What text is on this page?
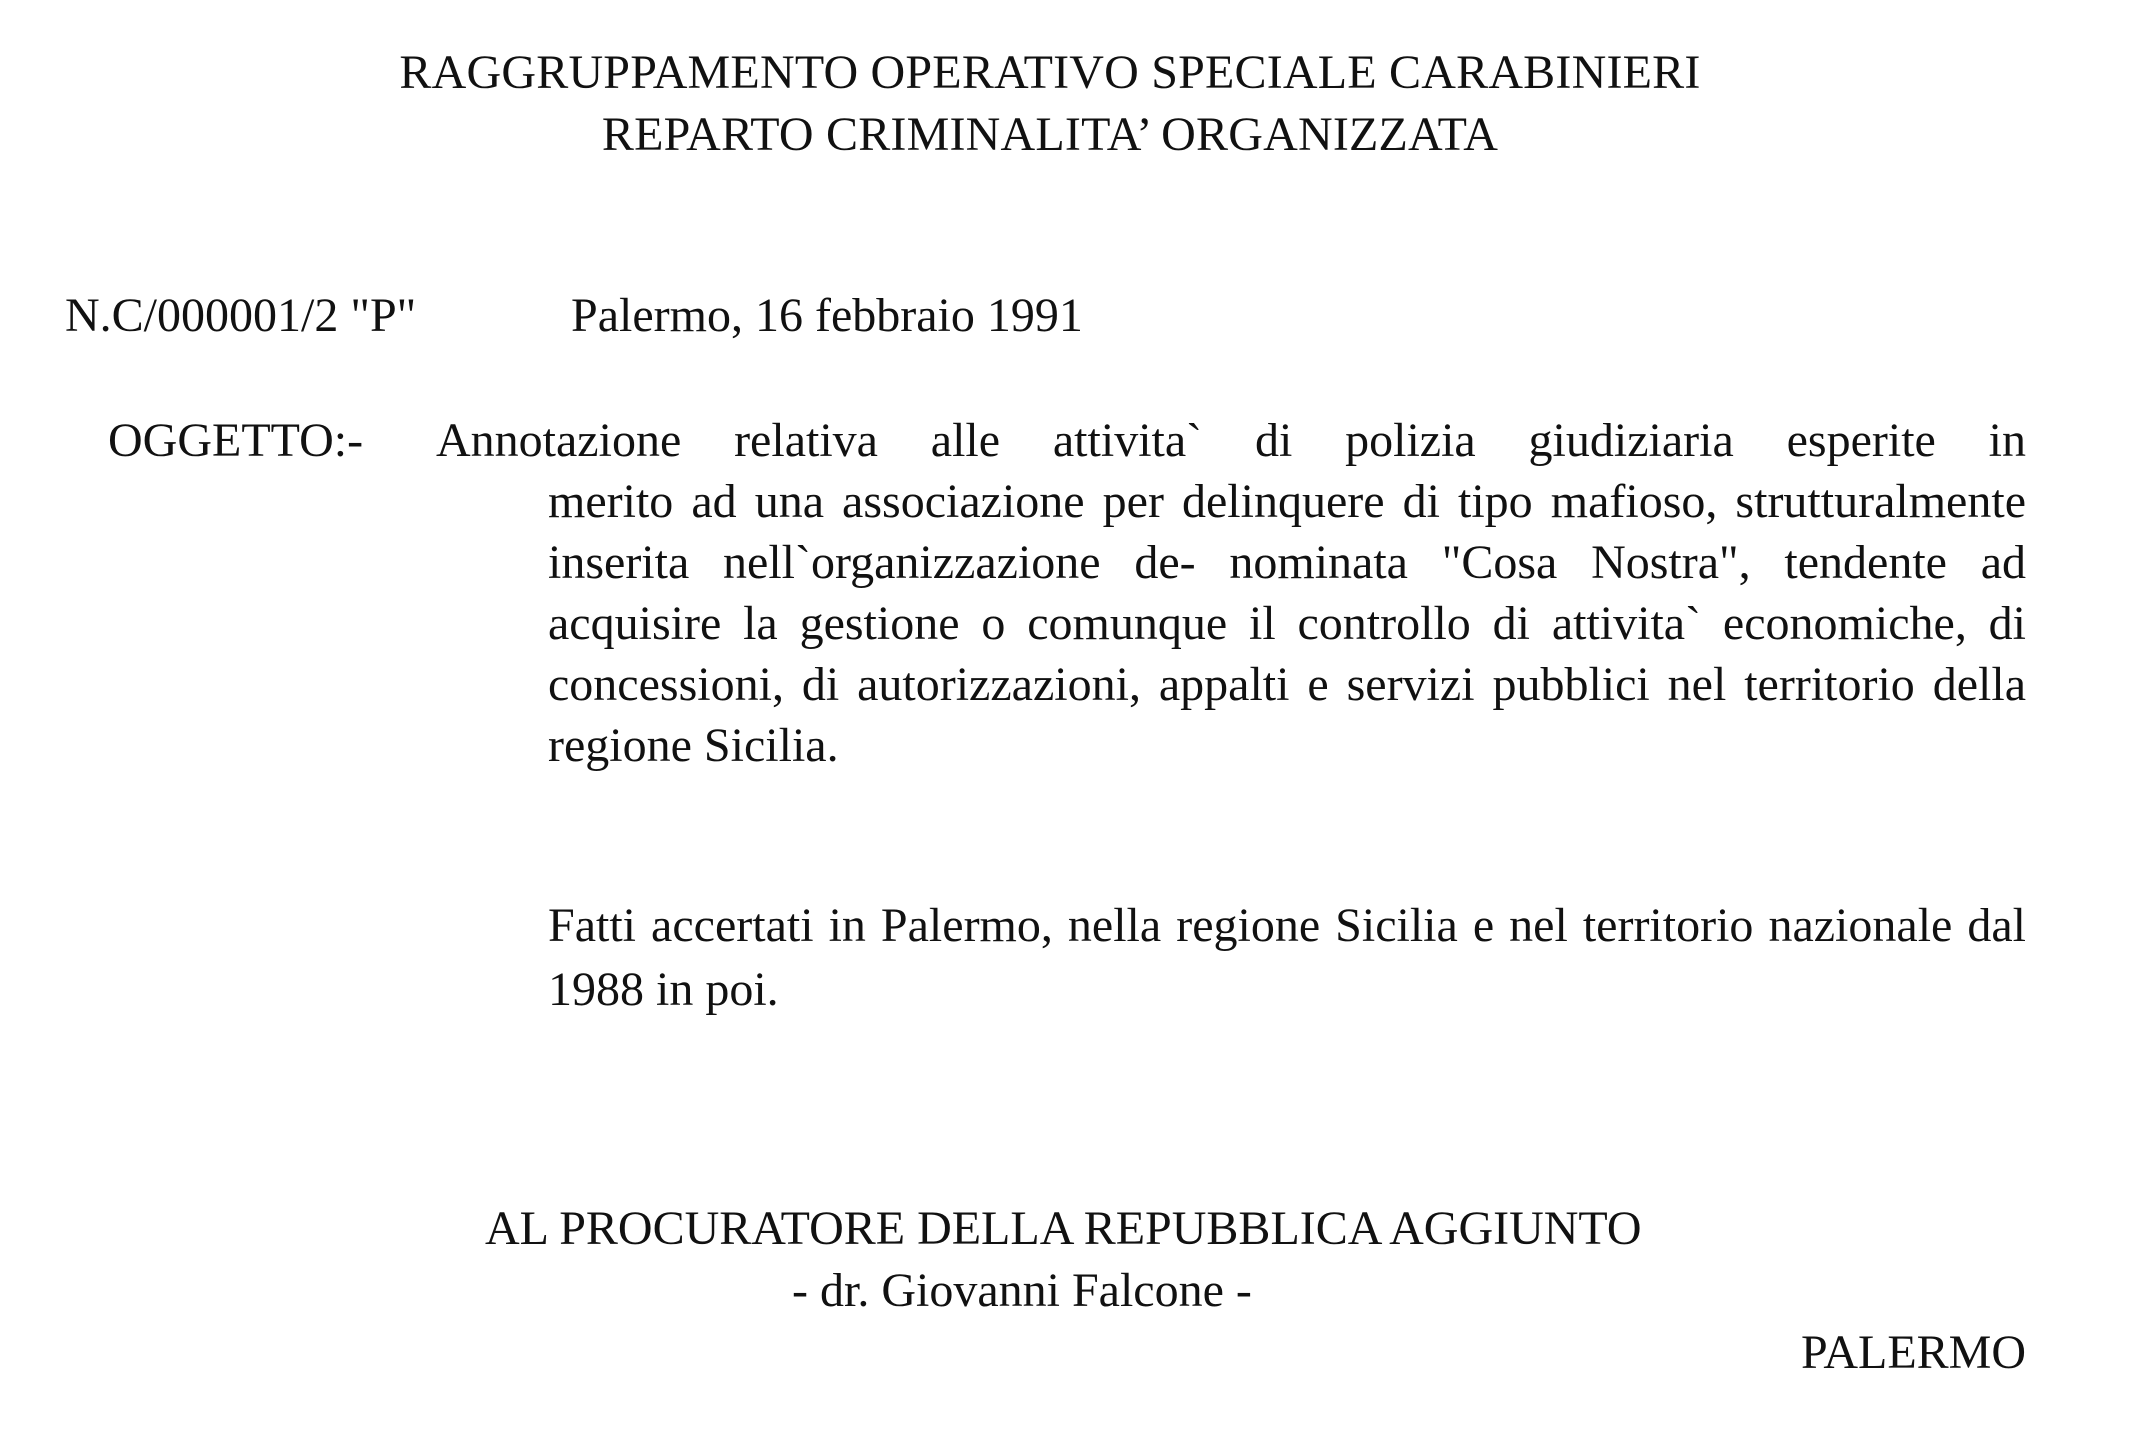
RAGGRUPPAMENTO OPERATIVO SPECIALE CARABINIERI
REPARTO CRIMINALITA’ ORGANIZZATA
N.C/000001/2 "P"	Palermo, 16 febbraio 1991
OGGETTO:- Annotazione relativa alle attivita` di polizia giudiziaria esperite in
merito ad una associazione per delinquere di tipo mafioso, strutturalmente inserita nell`organizzazione de- nominata "Cosa Nostra", tendente ad acquisire la gestione o comunque il controllo di attivita` economiche, di concessioni, di autorizzazioni, appalti e servizi pubblici nel territorio della regione Sicilia.
Fatti accertati in Palermo, nella regione Sicilia e nel territorio nazionale dal 1988 in poi.
AL PROCURATORE DELLA REPUBBLICA AGGIUNTO
- dr. Giovanni Falcone -
PALERMO
